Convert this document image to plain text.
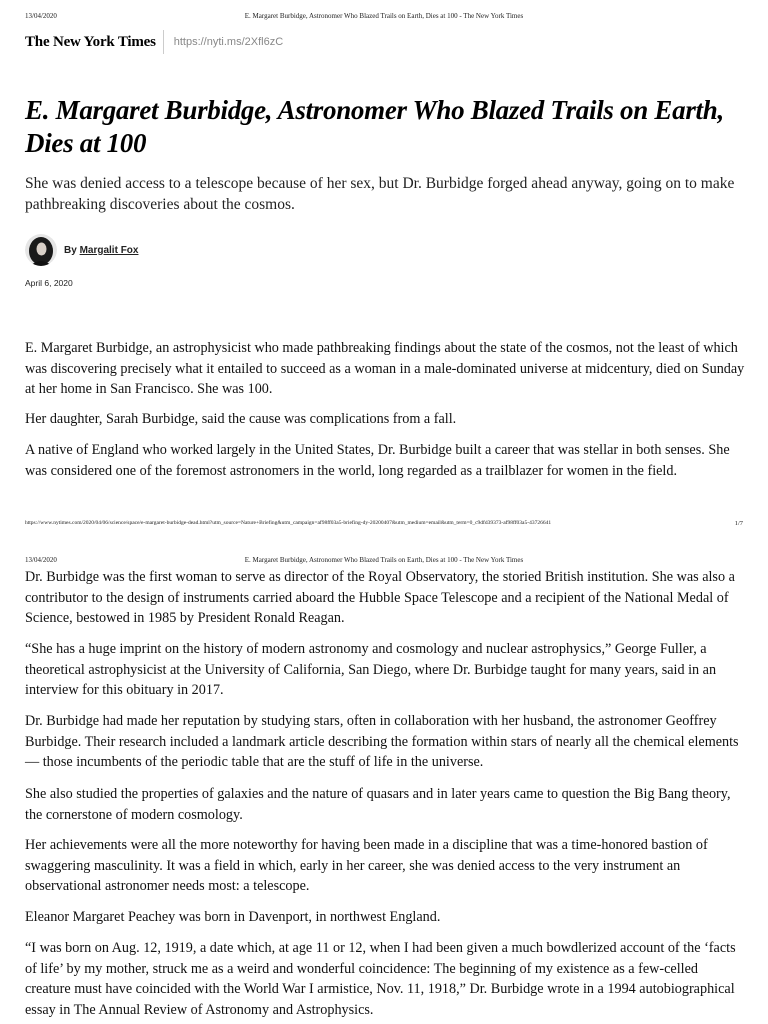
13/04/2020	E. Margaret Burbidge, Astronomer Who Blazed Trails on Earth, Dies at 100 - The New York Times
The New York Times https://nyti.ms/2Xfl6zC
E. Margaret Burbidge, Astronomer Who Blazed Trails on Earth, Dies at 100

She was denied access to a telescope because of her sex, but Dr. Burbidge forged ahead anyway, going on to make pathbreaking discoveries about the cosmos.

By Margalit Fox
April 6, 2020

E. Margaret Burbidge, an astrophysicist who made pathbreaking findings about the state of the cosmos, not the least of which was discovering precisely what it entailed to succeed as a woman in a male-dominated universe at midcentury, died on Sunday at her home in San Francisco. She was 100.

Her daughter, Sarah Burbidge, said the cause was complications from a fall.

A native of England who worked largely in the United States, Dr. Burbidge built a career that was stellar in both senses. She was considered one of the foremost astronomers in the world, long regarded as a trailblazer for women in the field.

https://www.nytimes.com/2020/04/06/science/space/e-margaret-burbidge-dead.html?utm_source=Nature+Briefing&utm_campaign=af98ff03a5-briefing-dy-20200407&utm_medium=email&utm_term=0_c9dfd39373-af98ff03a5-43726641	1/7
13/04/2020	E. Margaret Burbidge, Astronomer Who Blazed Trails on Earth, Dies at 100 - The New York Times

Dr. Burbidge was the first woman to serve as director of the Royal Observatory, the storied British institution. She was also a contributor to the design of instruments carried aboard the Hubble Space Telescope and a recipient of the National Medal of Science, bestowed in 1985 by President Ronald Reagan.

“She has a huge imprint on the history of modern astronomy and cosmology and nuclear astrophysics,” George Fuller, a theoretical astrophysicist at the University of California, San Diego, where Dr. Burbidge taught for many years, said in an interview for this obituary in 2017.

Dr. Burbidge had made her reputation by studying stars, often in collaboration with her husband, the astronomer Geoffrey Burbidge. Their research included a landmark article describing the formation within stars of nearly all the chemical elements — those incumbents of the periodic table that are the stuff of life in the universe.

She also studied the properties of galaxies and the nature of quasars and in later years came to question the Big Bang theory, the cornerstone of modern cosmology.

Her achievements were all the more noteworthy for having been made in a discipline that was a time-honored bastion of swaggering masculinity. It was a field in which, early in her career, she was denied access to the very instrument an observational astronomer needs most: a telescope.

Eleanor Margaret Peachey was born in Davenport, in northwest England.

“I was born on Aug. 12, 1919, a date which, at age 11 or 12, when I had been given a much bowdlerized account of the ‘facts of life’ by my mother, struck me as a weird and wonderful coincidence: The beginning of my existence as a few-celled creature must have coincided with the World War I armistice, Nov. 11, 1918,” Dr. Burbidge wrote in a 1994 autobiographical essay in The Annual Review of Astronomy and Astrophysics.
